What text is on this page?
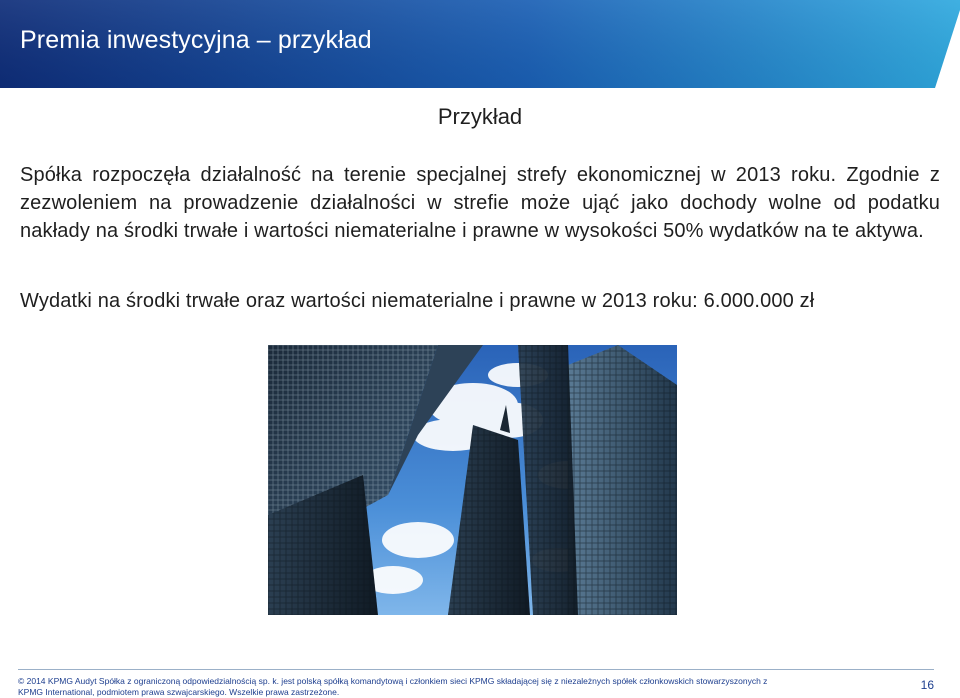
Premia inwestycyjna – przykład
Przykład

Spółka rozpoczęła działalność na terenie specjalnej strefy ekonomicznej w 2013 roku. Zgodnie z zezwoleniem na prowadzenie działalności w strefie może ująć jako dochody wolne od podatku nakłady na środki trwałe i wartości niematerialne i prawne w wysokości 50% wydatków na te aktywa.

Wydatki na środki trwałe oraz wartości niematerialne i prawne w 2013 roku: 6.000.000 zł

© 2014 KPMG Audyt Spółka z ograniczoną odpowiedzialnością sp. k. jest polską spółką komandytową i członkiem sieci KPMG składającej się z niezależnych spółek członkowskich stowarzyszonych z KPMG International, podmiotem prawa szwajcarskiego. Wszelkie prawa zastrzeżone.	16
